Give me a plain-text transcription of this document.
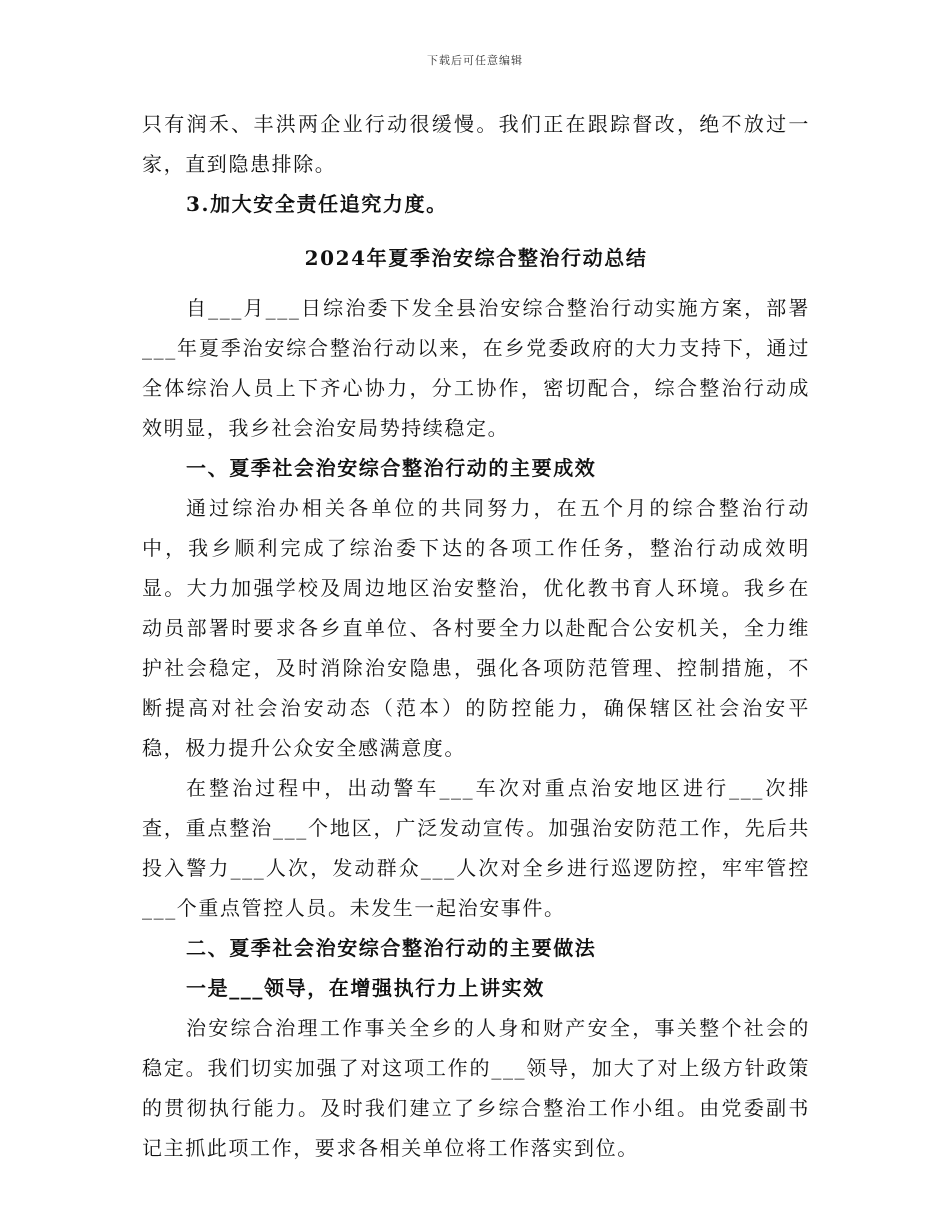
下载后可任意编辑

只有润禾、丰洪两企业行动很缓慢。我们正在跟踪督改，绝不放过一家，直到隐患排除。

3.加大安全责任追究力度。

2024年夏季治安综合整治行动总结

自___月___日综治委下发全县治安综合整治行动实施方案，部署___年夏季治安综合整治行动以来，在乡党委政府的大力支持下，通过全体综治人员上下齐心协力，分工协作，密切配合，综合整治行动成效明显，我乡社会治安局势持续稳定。

一、夏季社会治安综合整治行动的主要成效

通过综治办相关各单位的共同努力，在五个月的综合整治行动中，我乡顺利完成了综治委下达的各项工作任务，整治行动成效明显。大力加强学校及周边地区治安整治，优化教书育人环境。我乡在动员部署时要求各乡直单位、各村要全力以赴配合公安机关，全力维护社会稳定，及时消除治安隐患，强化各项防范管理、控制措施，不断提高对社会治安动态（范本）的防控能力，确保辖区社会治安平稳，极力提升公众安全感满意度。

在整治过程中，出动警车___车次对重点治安地区进行___次排查，重点整治___个地区，广泛发动宣传。加强治安防范工作，先后共投入警力___人次，发动群众___人次对全乡进行巡逻防控，牢牢管控___个重点管控人员。未发生一起治安事件。

二、夏季社会治安综合整治行动的主要做法

一是___领导，在增强执行力上讲实效

治安综合治理工作事关全乡的人身和财产安全，事关整个社会的稳定。我们切实加强了对这项工作的___领导，加大了对上级方针政策的贯彻执行能力。及时我们建立了乡综合整治工作小组。由党委副书记主抓此项工作，要求各相关单位将工作落实到位。
